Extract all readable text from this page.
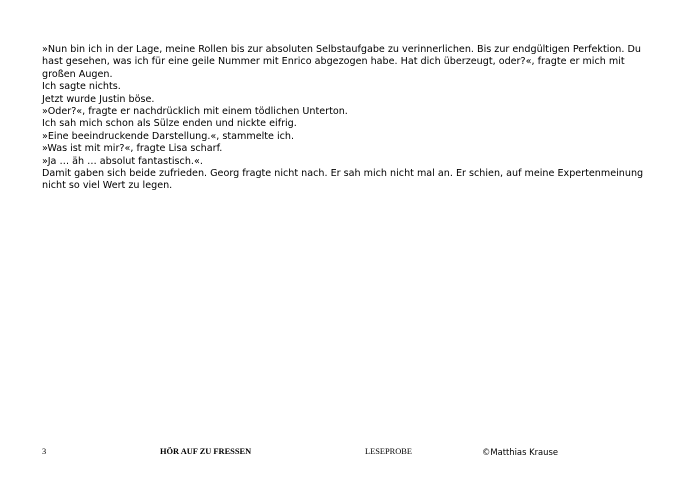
»Nun bin ich in der Lage, meine Rollen bis zur absoluten Selbstaufgabe zu verinnerlichen. Bis zur endgültigen Perfektion. Du hast gesehen, was ich für eine geile Nummer mit Enrico abgezogen habe. Hat dich überzeugt, oder?«, fragte er mich mit großen Augen.

Ich sagte nichts.

Jetzt wurde Justin böse.

»Oder?«, fragte er nachdrücklich mit einem tödlichen Unterton.

Ich sah mich schon als Sülze enden und nickte eifrig.

»Eine beeindruckende Darstellung.«, stammelte ich.

»Was ist mit mir?«, fragte Lisa scharf.

»Ja … äh … absolut fantastisch.«.

Damit gaben sich beide zufrieden. Georg fragte nicht nach. Er sah mich nicht mal an. Er schien, auf meine Expertenmeinung nicht so viel Wert zu legen.

3	HÖR AUF ZU FRESSEN	LESEPROBE	©Matthias Krause
